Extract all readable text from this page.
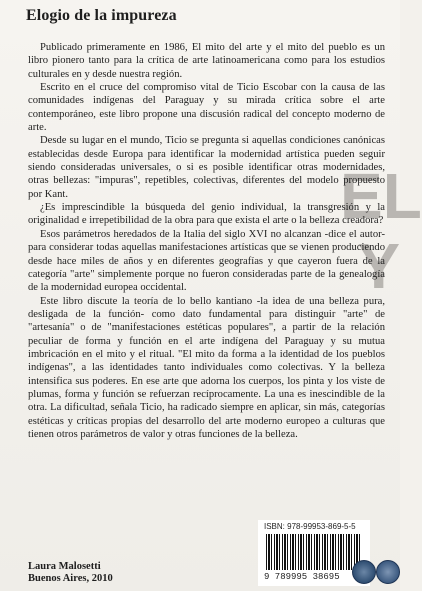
EL
Y
Elogio de la impureza

Publicado primeramente en 1986, El mito del arte y el mito del pueblo es un libro pionero tanto para la crítica de arte latinoamericana como para los estudios culturales en y desde nuestra región.

Escrito en el cruce del compromiso vital de Ticio Escobar con la causa de las comunidades indígenas del Paraguay y su mirada crítica sobre el arte contemporáneo, este libro propone una discusión radical del concepto moderno de arte.

Desde su lugar en el mundo, Ticio se pregunta si aquellas condiciones canónicas establecidas desde Europa para identificar la modernidad artística pueden seguir siendo consideradas universales, o si es posible identificar otras modernidades, otras bellezas: "impuras", repetibles, colectivas, diferentes del modelo propuesto por Kant.

¿Es imprescindible la búsqueda del genio individual, la transgresión y la originalidad e irrepetibilidad de la obra para que exista el arte o la belleza creadora?

Esos parámetros heredados de la Italia del siglo XVI no alcanzan -dice el autor- para considerar todas aquellas manifestaciones artísticas que se vienen produciendo desde hace miles de años y en diferentes geografías y que cayeron fuera de la categoría "arte" simplemente porque no fueron consideradas parte de la genealogía de la modernidad europea occidental.

Este libro discute la teoría de lo bello kantiano -la idea de una belleza pura, desligada de la función- como dato fundamental para distinguir "arte" de "artesanía" o de "manifestaciones estéticas populares", a partir de la relación peculiar de forma y función en el arte indígena del Paraguay y su mutua imbricación en el mito y el ritual. "El mito da forma a la identidad de los pueblos indígenas", a las identidades tanto individuales como colectivas. Y la belleza intensifica sus poderes. En ese arte que adorna los cuerpos, los pinta y los viste de plumas, forma y función se refuerzan recíprocamente. La una es inescindible de la otra. La dificultad, señala Ticio, ha radicado siempre en aplicar, sin más, categorías estéticas y críticas propias del desarrollo del arte moderno europeo a culturas que tienen otros parámetros de valor y otras funciones de la belleza.

Laura Malosetti
Buenos Aires, 2010
ISBN: 978-99953-869-5-5
9 789995 38695
